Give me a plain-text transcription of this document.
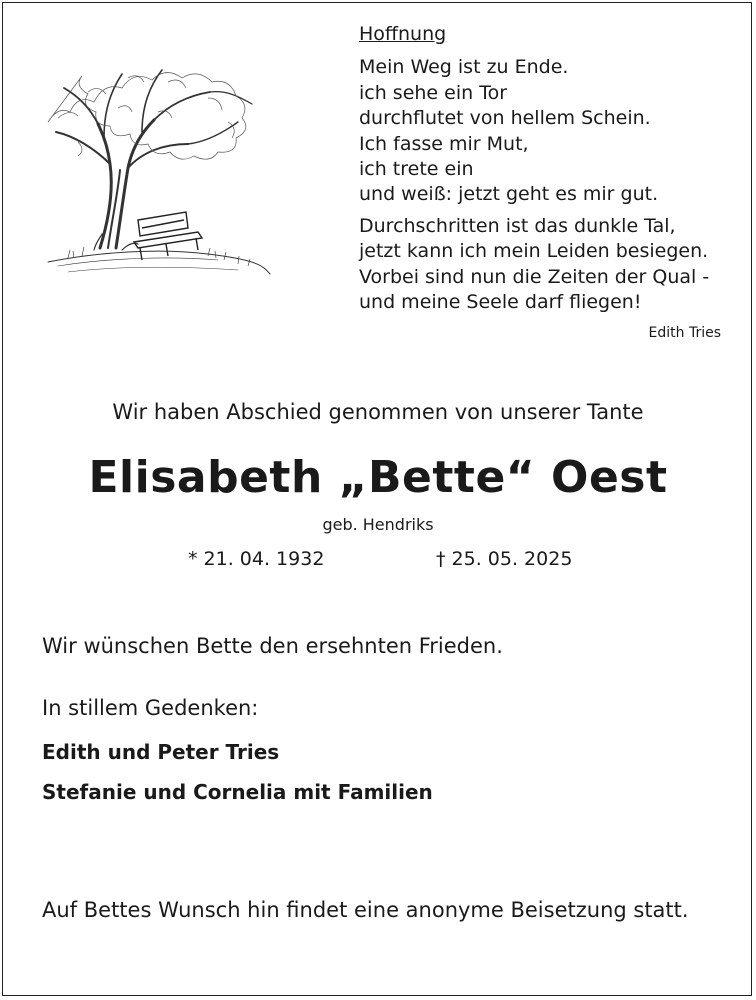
Hoffnung
Mein Weg ist zu Ende.
ich sehe ein Tor
durchflutet von hellem Schein.
Ich fasse mir Mut,
ich trete ein
und weiß: jetzt geht es mir gut.
Durchschritten ist das dunkle Tal,
jetzt kann ich mein Leiden besiegen.
Vorbei sind nun die Zeiten der Qual -
und meine Seele darf fliegen!
Edith Tries
Wir haben Abschied genommen von unserer Tante
Elisabeth „Bette“ Oest
geb. Hendriks
* 21. 04. 1932	† 25. 05. 2025
Wir wünschen Bette den ersehnten Frieden.
In stillem Gedenken:
Edith und Peter Tries
Stefanie und Cornelia mit Familien
Auf Bettes Wunsch hin findet eine anonyme Beisetzung statt.
